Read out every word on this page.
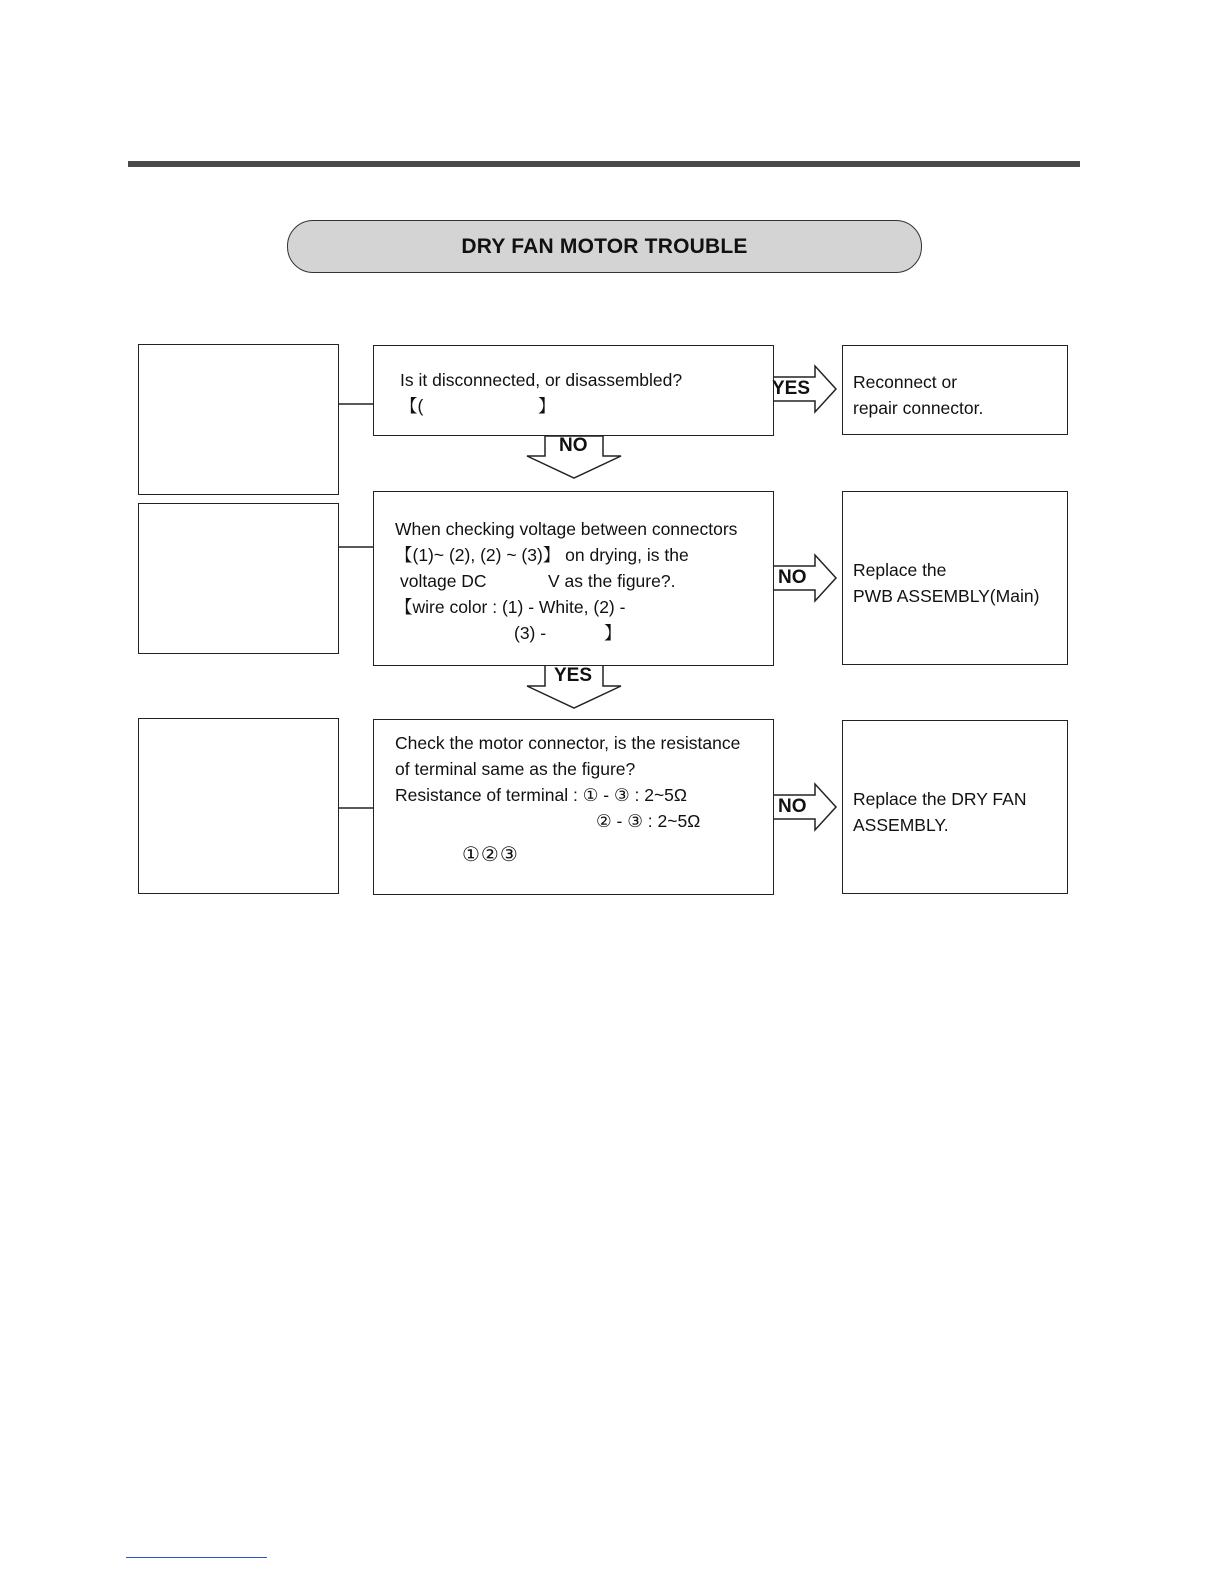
DRY FAN MOTOR TROUBLE
Is it disconnected, or disassembled?
【(	】
When checking voltage between connectors
【(1)~ (2), (2) ~ (3)】 on drying, is the
voltage DC	V as the figure?.
【wire color : (1) - White, (2) -
(3) -	】
Check the motor connector, is the resistance
of terminal same as the figure?
Resistance of terminal : ① - ③ : 2~5Ω
② - ③ : 2~5Ω
①②③
Reconnect or
repair connector.
Replace the
PWB ASSEMBLY(Main)
Replace the DRY FAN
ASSEMBLY.
YES
NO
NO
NO
YES
